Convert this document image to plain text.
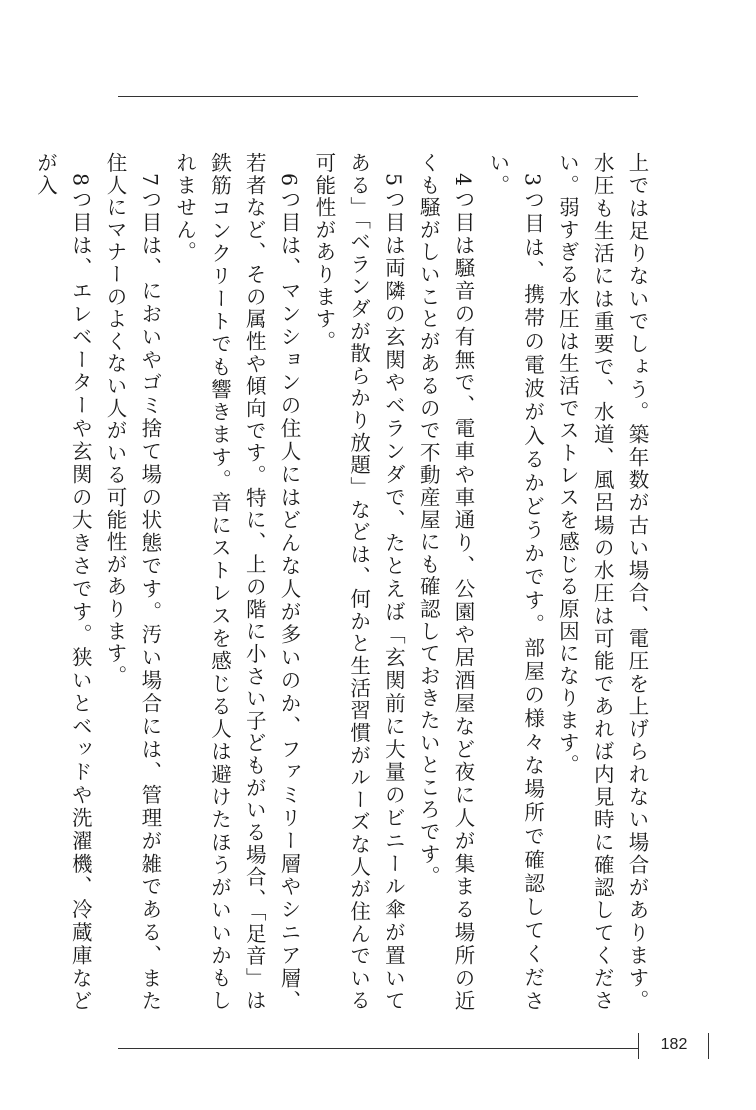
上では足りないでしょう。築年数が古い場合、電圧を上げられない場合があります。水圧も生活には重要で、水道、風呂場の水圧は可能であれば内見時に確認してください。弱すぎる水圧は生活でストレスを感じる原因になります。

3つ目は、携帯の電波が入るかどうかです。部屋の様々な場所で確認してください。

4つ目は騒音の有無で、電車や車通り、公園や居酒屋など夜に人が集まる場所の近くも騒がしいことがあるので不動産屋にも確認しておきたいところです。

5つ目は両隣の玄関やベランダで、たとえば「玄関前に大量のビニール傘が置いてある」「ベランダが散らかり放題」などは、何かと生活習慣がルーズな人が住んでいる可能性があります。

6つ目は、マンションの住人にはどんな人が多いのか、ファミリー層やシニア層、若者など、その属性や傾向です。特に、上の階に小さい子どもがいる場合、「足音」は鉄筋コンクリートでも響きます。音にストレスを感じる人は避けたほうがいいかもしれません。

7つ目は、においやゴミ捨て場の状態です。汚い場合には、管理が雑である、また住人にマナーのよくない人がいる可能性があります。

8つ目は、エレベーターや玄関の大きさです。狭いとベッドや洗濯機、冷蔵庫などが入

182
